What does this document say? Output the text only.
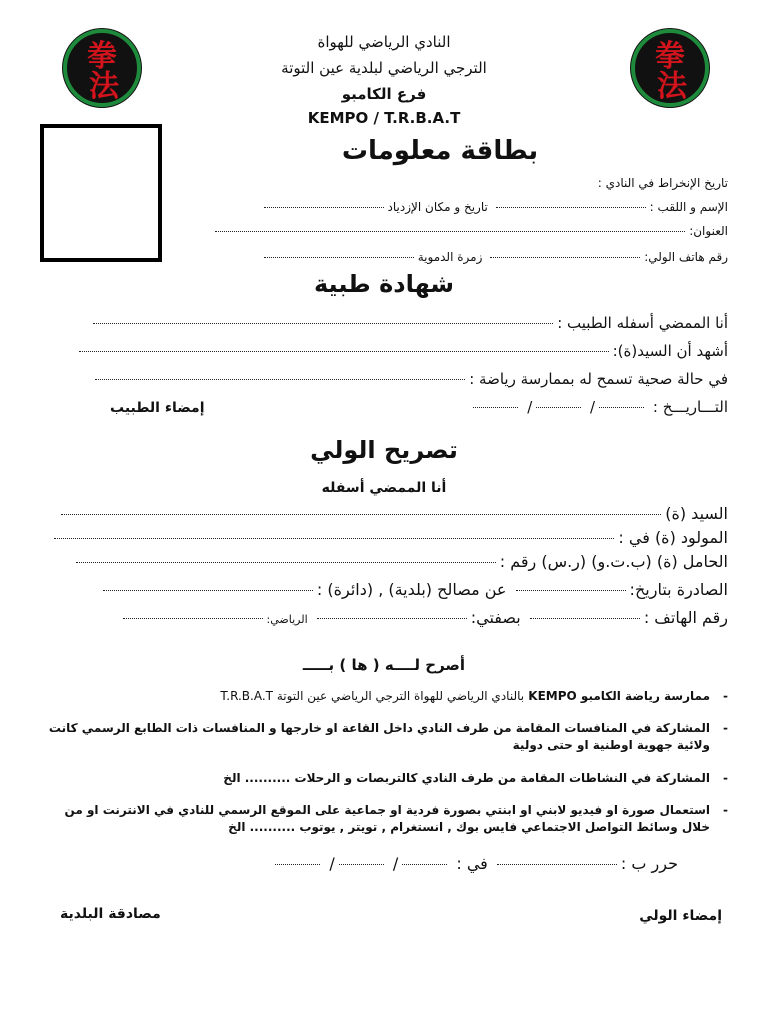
拳
法
拳
法
النادي الرياضي للهواة
الترجي الرياضي لبلدية عين التوتة
فرع الكامبو
KEMPO / T.R.B.A.T
بطاقة معلومات
تاريخ الإنخراط في النادي :
الإسم و اللقب : تاريخ و مكان الإزدياد
العنوان:
رقم هاتف الولي: زمرة الدموية
شهادة طبية
أنا الممضي أسفله الطبيب :
أشهد أن السيد(ة):
في حالة صحية تسمح له بممارسة رياضة :
التـــاريـــخ : / /
إمضاء الطبيب
تصريح الولي
أنا الممضي أسفله
السيد (ة)
المولود (ة) في :
الحامل (ة) (ب.ت.و) (ر.س) رقم :
الصادرة بتاريخ: عن مصالح (بلدية) , (دائرة) :
رقم الهاتف : بصفتي: الرياضي:
أصرح لــــه ( ها ) بـــــ
-
ممارسة رياضة الكامبو KEMPO بالنادي الرياضي للهواة الترجي الرياضي عين التوتة T.R.B.A.T
-
المشاركة في المنافسات المقامة من طرف النادي داخل القاعة او خارجها و المنافسات ذات الطابع الرسمي كانت ولائية جهوية اوطنية او حتى دولية
-
المشاركة في النشاطات المقامة من طرف النادي كالتربصات و الرحلات .......... الخ
-
استعمال صورة او فيديو لابني او ابنتي بصورة فردية او جماعية على الموقع الرسمي للنادي في الانترنت او من خلال وسائط التواصل الاجتماعي فايس بوك , انستغرام , تويتر , يوتوب .......... الخ
حرر ب : في : / /
إمضاء الولي
مصادقة البلدية
